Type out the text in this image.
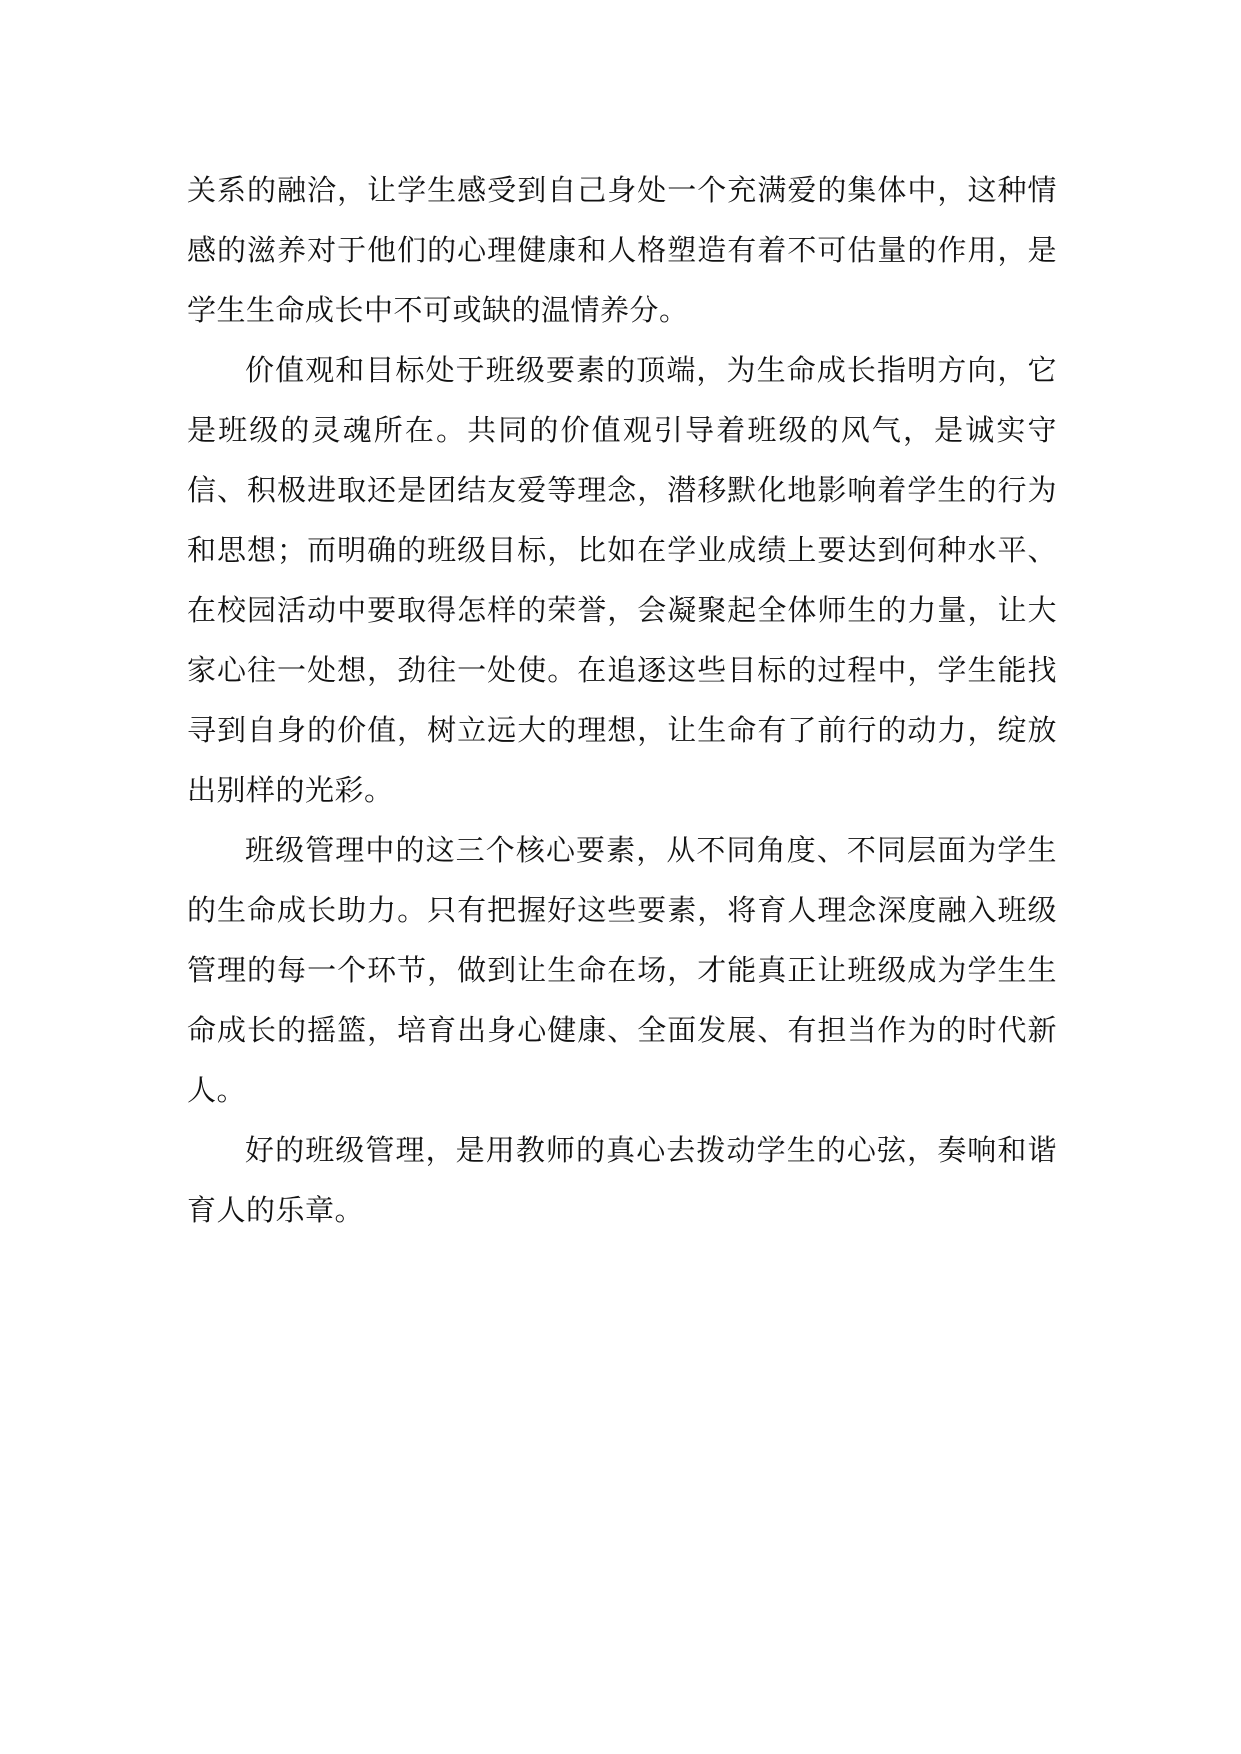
关系的融洽，让学生感受到自己身处一个充满爱的集体中，这种情感的滋养对于他们的心理健康和人格塑造有着不可估量的作用，是学生生命成长中不可或缺的温情养分。

价值观和目标处于班级要素的顶端，为生命成长指明方向，它是班级的灵魂所在。共同的价值观引导着班级的风气，是诚实守信、积极进取还是团结友爱等理念，潜移默化地影响着学生的行为和思想；而明确的班级目标，比如在学业成绩上要达到何种水平、在校园活动中要取得怎样的荣誉，会凝聚起全体师生的力量，让大家心往一处想，劲往一处使。在追逐这些目标的过程中，学生能找寻到自身的价值，树立远大的理想，让生命有了前行的动力，绽放出别样的光彩。

班级管理中的这三个核心要素，从不同角度、不同层面为学生的生命成长助力。只有把握好这些要素，将育人理念深度融入班级管理的每一个环节，做到让生命在场，才能真正让班级成为学生生命成长的摇篮，培育出身心健康、全面发展、有担当作为的时代新人。

好的班级管理，是用教师的真心去拨动学生的心弦，奏响和谐育人的乐章。
